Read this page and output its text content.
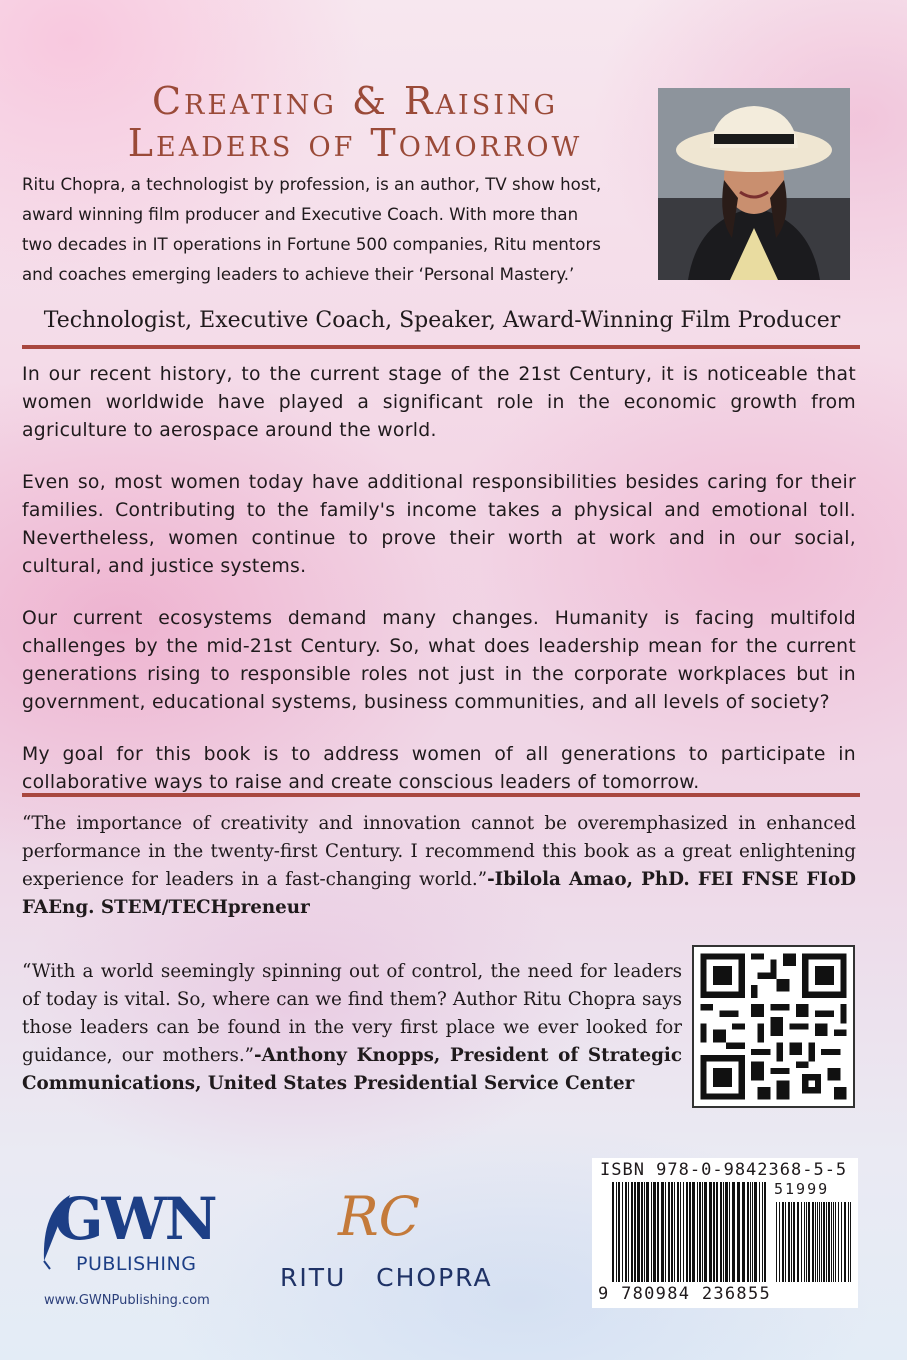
Creating & Raising
Leaders of Tomorrow

Ritu Chopra, a technologist by profession, is an author, TV show host,

award winning film producer and Executive Coach. With more than

two decades in IT operations in Fortune 500 companies, Ritu mentors

and coaches emerging leaders to achieve their ‘Personal Mastery.’

Technologist, Executive Coach, Speaker, Award-Winning Film Producer

In our recent history, to the current stage of the 21st Century, it is noticeable that women worldwide have played a significant role in the economic growth from agriculture to aerospace around the world.

Even so, most women today have additional responsibilities besides caring for their families. Contributing to the family's income takes a physical and emotional toll. Nevertheless, women continue to prove their worth at work and in our social, cultural, and justice systems.

Our current ecosystems demand many changes. Humanity is facing multifold challenges by the mid-21st Century. So, what does leadership mean for the current generations rising to responsible roles not just in the corporate workplaces but in government, educational systems, business communities, and all levels of society?

My goal for this book is to address women of all generations to participate in collaborative ways to raise and create conscious leaders of tomorrow.

“The importance of creativity and innovation cannot be overemphasized in enhanced performance in the twenty-first Century. I recommend this book as a great enlightening experience for leaders in a fast-changing world.”-Ibilola Amao, PhD. FEI FNSE FIoD FAEng. STEM/TECHpreneur

“With a world seemingly spinning out of control, the need for leaders of today is vital. So, where can we find them? Author Ritu Chopra says those leaders can be found in the very first place we ever looked for guidance, our mothers.”-Anthony Knopps, President of Strategic Communications, United States Presidential Service Center

ISBN 978-0-9842368-5-5
51999
9 780984 236855
GWN
PUBLISHING
www.GWNPublishing.com
RC
RITU   CHOPRA
